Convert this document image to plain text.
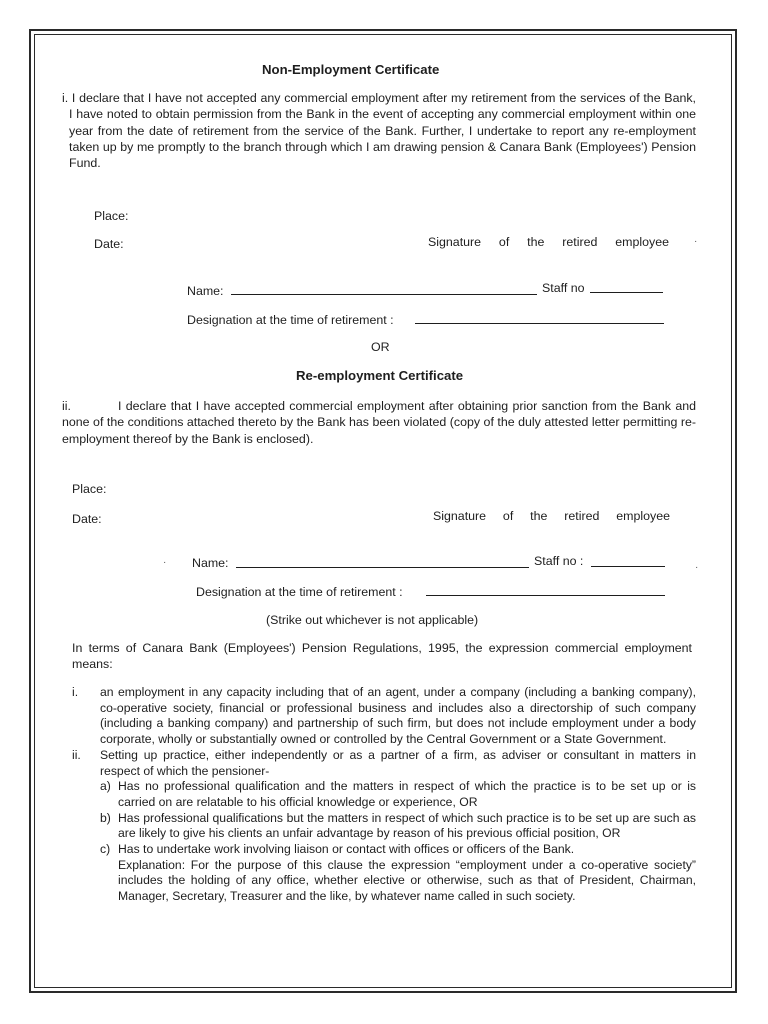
Non-Employment Certificate
i. I declare that I have not accepted any commercial employment after my retirement from the services of the Bank, I have noted to obtain permission from the Bank in the event of accepting any commercial employment within one year from the date of retirement from the service of the Bank. Further, I undertake to report any re-employment taken up by me promptly to the branch through which I am drawing pension & Canara Bank (Employees') Pension Fund.
Place:
Date:	Signature of the retired employee	·
Name:	Staff no
Designation at the time of retirement :
OR
Re-employment Certificate
ii.	I declare that I have accepted commercial employment after obtaining prior sanction from the Bank and none of the conditions attached thereto by the Bank has been violated (copy of the duly attested letter permitting re-employment thereof by the Bank is enclosed).
Place:
Date:	Signature of the retired employee
· Name:	Staff no :	·
Designation at the time of retirement :
(Strike out whichever is not applicable)
In terms of Canara Bank (Employees') Pension Regulations, 1995, the expression commercial employment means:
i. an employment in any capacity including that of an agent, under a company (including a banking company), co-operative society, financial or professional business and includes also a directorship of such company (including a banking company) and partnership of such firm, but does not include employment under a body corporate, wholly or substantially owned or controlled by the Central Government or a State Government.
ii. Setting up practice, either independently or as a partner of a firm, as adviser or consultant in matters in respect of which the pensioner-
a) Has no professional qualification and the matters in respect of which the practice is to be set up or is carried on are relatable to his official knowledge or experience, OR
b) Has professional qualifications but the matters in respect of which such practice is to be set up are such as are likely to give his clients an unfair advantage by reason of his previous official position, OR
c) Has to undertake work involving liaison or contact with offices or officers of the Bank.
Explanation: For the purpose of this clause the expression “employment under a co-operative society” includes the holding of any office, whether elective or otherwise, such as that of President, Chairman, Manager, Secretary, Treasurer and the like, by whatever name called in such society.
